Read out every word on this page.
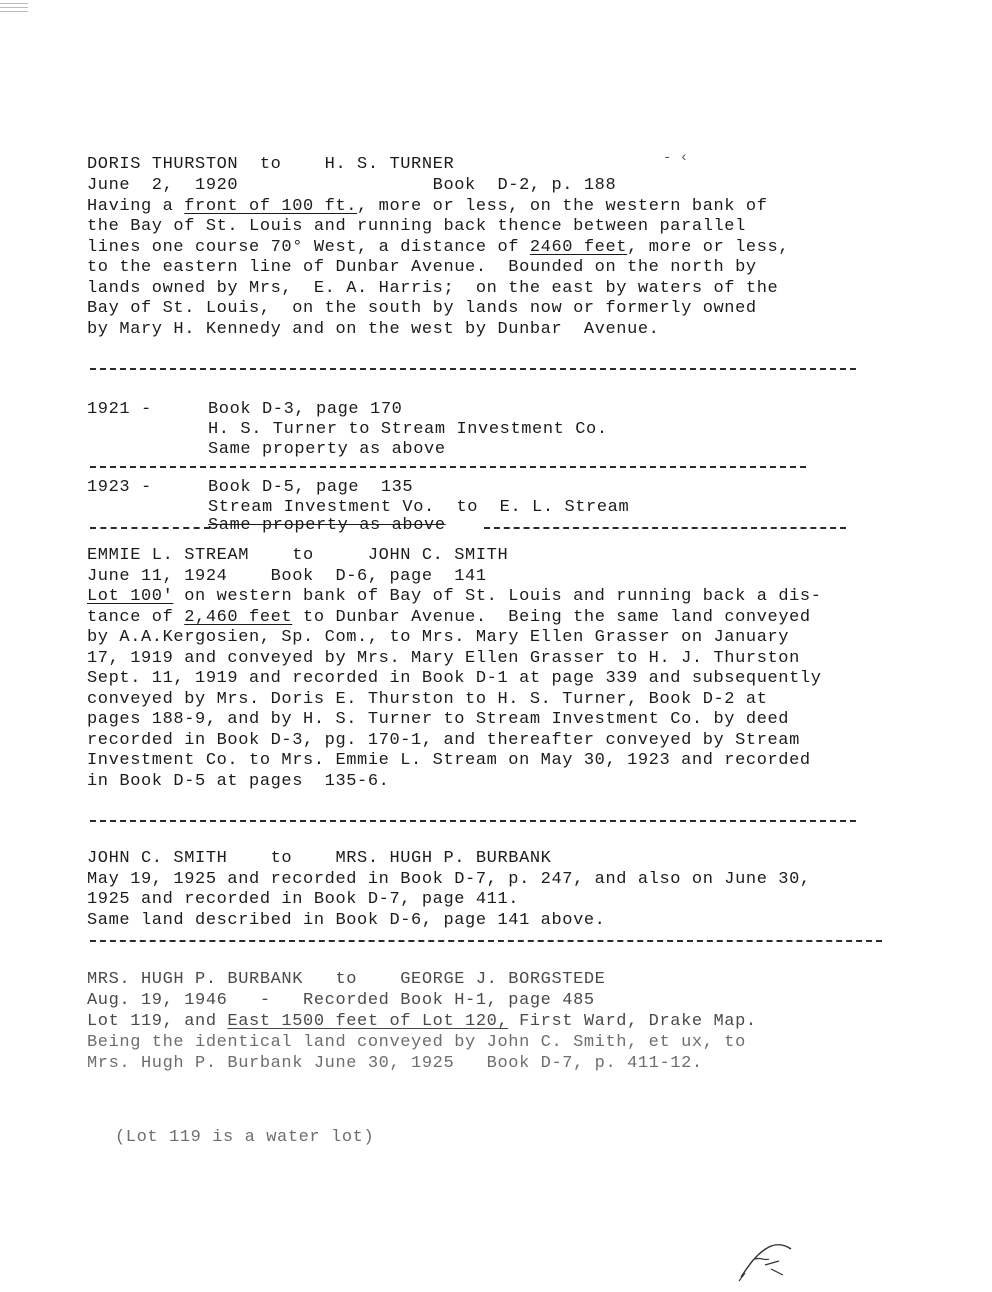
- ‹
DORIS THURSTON  to    H. S. TURNER
June  2,  1920                  Book  D-2, p. 188
Having a front of 100 ft., more or less, on the western bank of
the Bay of St. Louis and running back thence between parallel
lines one course 70° West, a distance of 2460 feet, more or less,
to the eastern line of Dunbar Avenue.  Bounded on the north by
lands owned by Mrs,  E. A. Harris;  on the east by waters of the
Bay of St. Louis,  on the south by lands now or formerly owned
by Mary H. Kennedy and on the west by Dunbar  Avenue.
1921 -	Book D-3, page 170
H. S. Turner to Stream Investment Co.
Same property as above
1923 -	Book D-5, page  135
Stream Investment Vo.  to  E. L. Stream
Same property as above
EMMIE L. STREAM    to     JOHN C. SMITH
June 11, 1924    Book  D-6, page  141
Lot 100' on western bank of Bay of St. Louis and running back a dis-
tance of 2,460 feet to Dunbar Avenue.  Being the same land conveyed
by A.A.Kergosien, Sp. Com., to Mrs. Mary Ellen Grasser on January
17, 1919 and conveyed by Mrs. Mary Ellen Grasser to H. J. Thurston
Sept. 11, 1919 and recorded in Book D-1 at page 339 and subsequently
conveyed by Mrs. Doris E. Thurston to H. S. Turner, Book D-2 at
pages 188-9, and by H. S. Turner to Stream Investment Co. by deed
recorded in Book D-3, pg. 170-1, and thereafter conveyed by Stream
Investment Co. to Mrs. Emmie L. Stream on May 30, 1923 and recorded
in Book D-5 at pages  135-6.
JOHN C. SMITH    to    MRS. HUGH P. BURBANK
May 19, 1925 and recorded in Book D-7, p. 247, and also on June 30,
1925 and recorded in Book D-7, page 411.
Same land described in Book D-6, page 141 above.
MRS. HUGH P. BURBANK   to    GEORGE J. BORGSTEDE
Aug. 19, 1946   -   Recorded Book H-1, page 485
Lot 119, and East 1500 feet of Lot 120, First Ward, Drake Map.
Being the identical land conveyed by John C. Smith, et ux, to
Mrs. Hugh P. Burbank June 30, 1925   Book D-7, p. 411-12.
(Lot 119 is a water lot)
